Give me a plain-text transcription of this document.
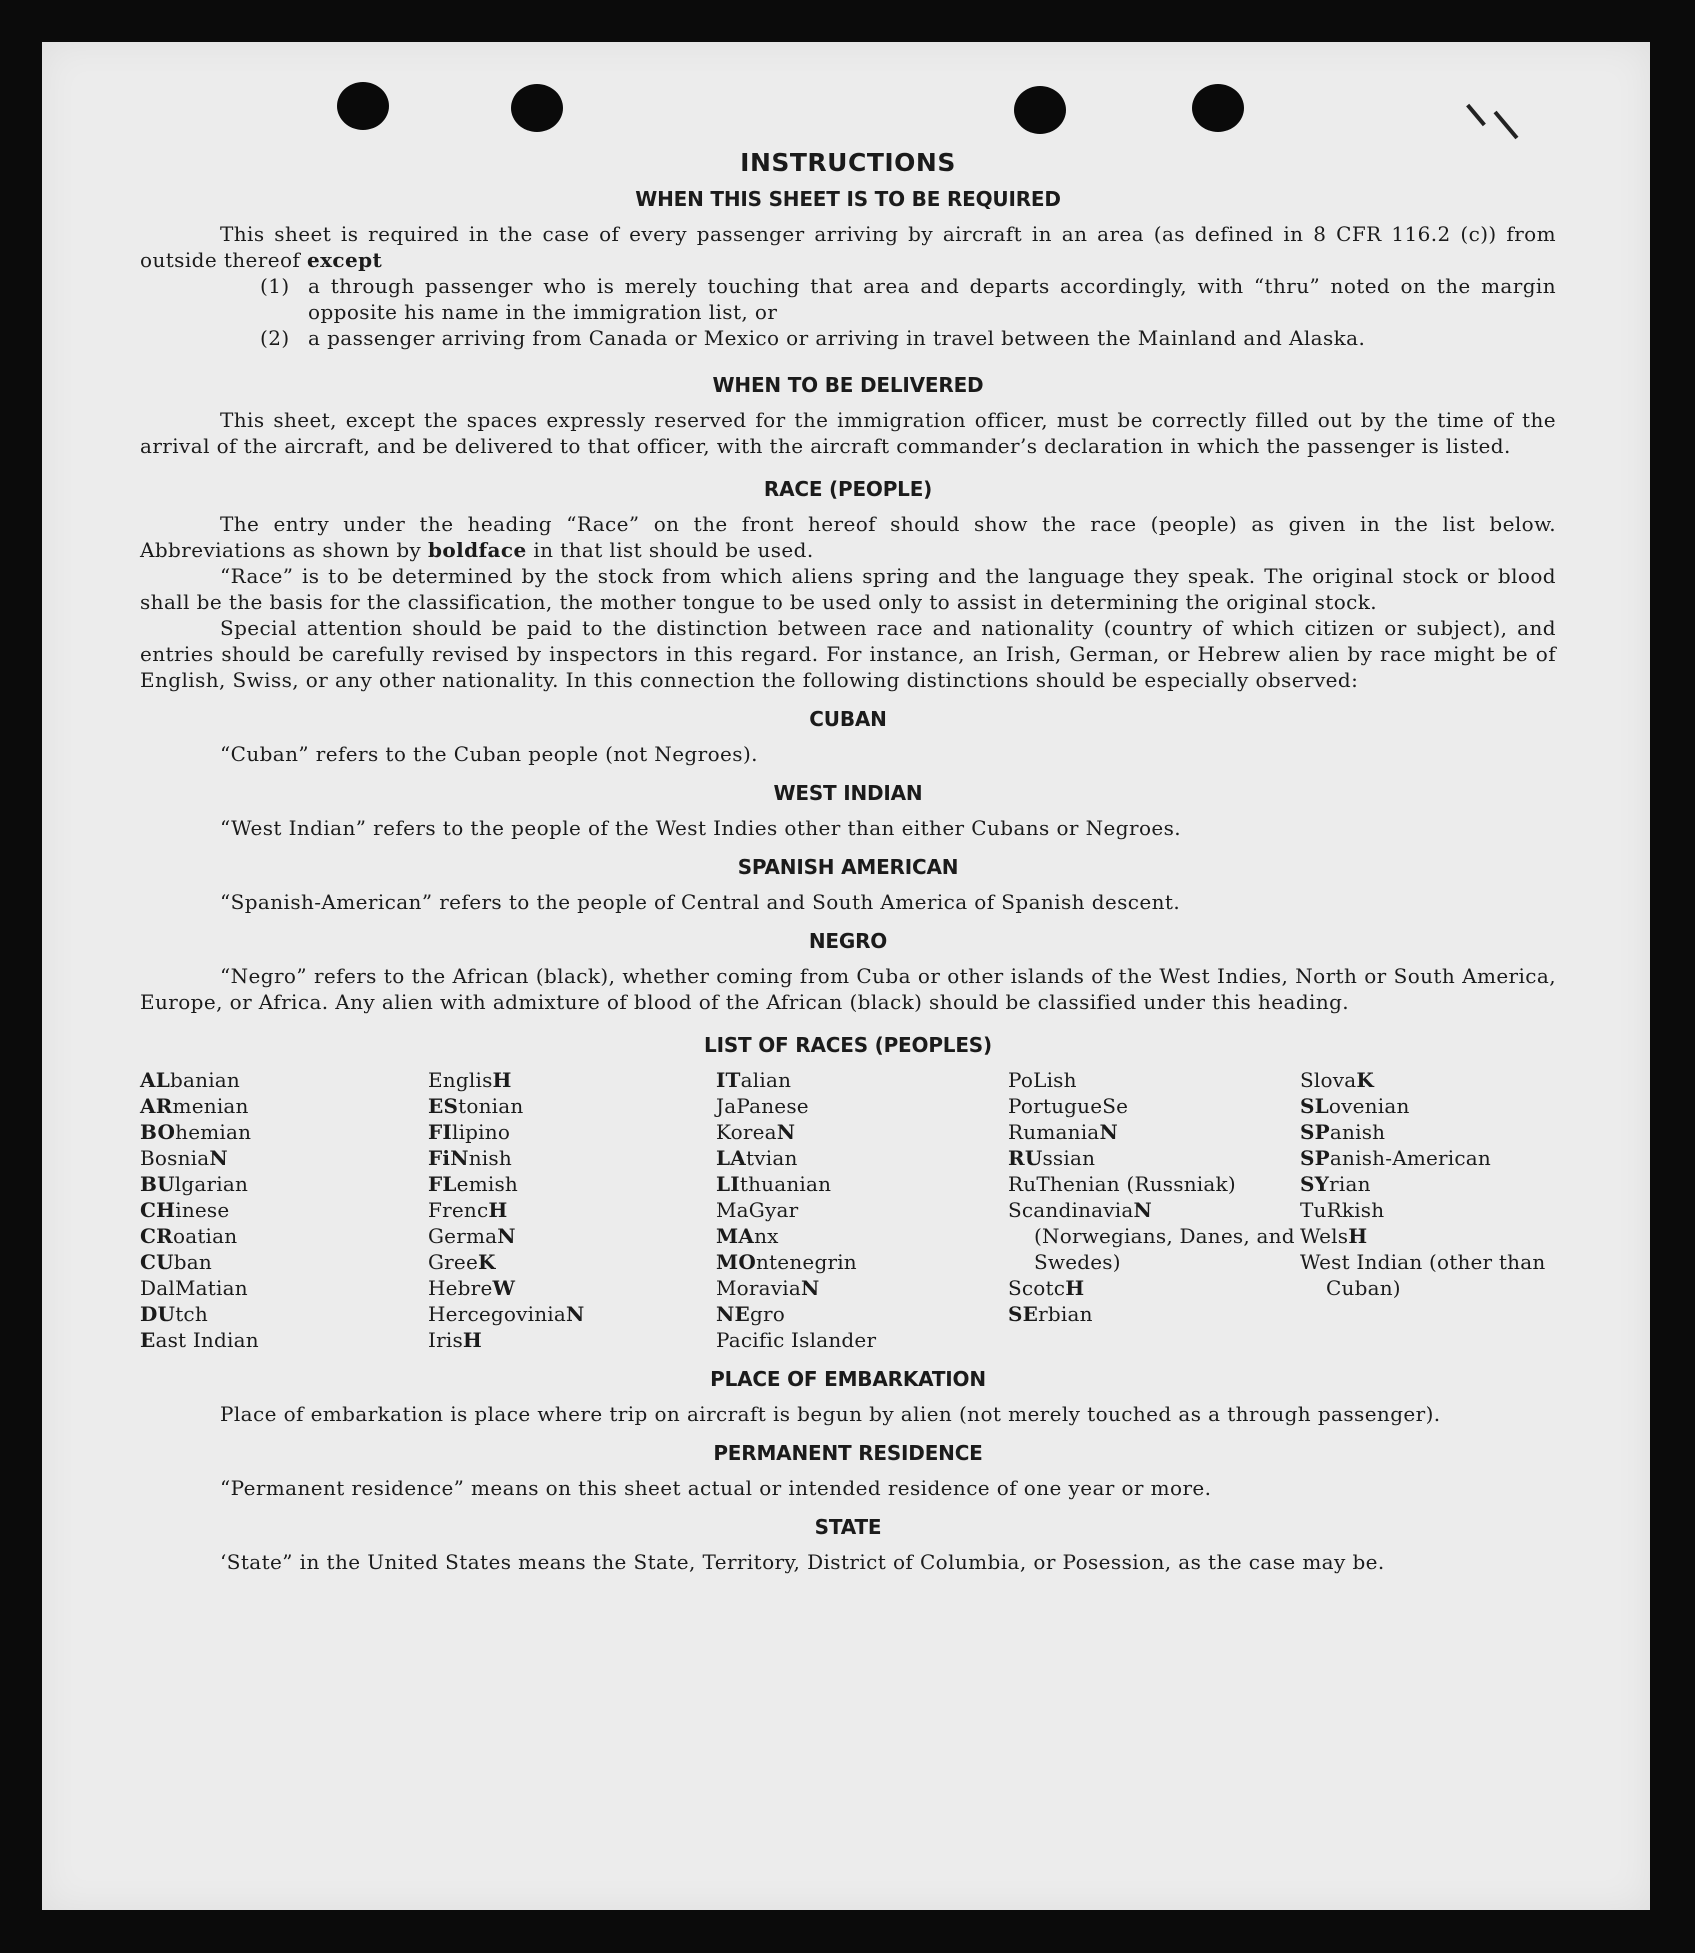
INSTRUCTIONS
WHEN THIS SHEET IS TO BE REQUIRED

This sheet is required in the case of every passenger arriving by aircraft in an area (as defined in 8 CFR 116.2 (c)) from outside thereof except

(1) a through passenger who is merely touching that area and departs accordingly, with “thru” noted on the margin opposite his name in the immigration list, or
(2) a passenger arriving from Canada or Mexico or arriving in travel between the Mainland and Alaska.
WHEN TO BE DELIVERED

This sheet, except the spaces expressly reserved for the immigration officer, must be correctly filled out by the time of the arrival of the aircraft, and be delivered to that officer, with the aircraft commander’s declaration in which the passenger is listed.

RACE (PEOPLE)

The entry under the heading “Race” on the front hereof should show the race (people) as given in the list below. Abbreviations as shown by boldface in that list should be used.

“Race” is to be determined by the stock from which aliens spring and the language they speak. The original stock or blood shall be the basis for the classification, the mother tongue to be used only to assist in determining the original stock.

Special attention should be paid to the distinction between race and nationality (country of which citizen or subject), and entries should be carefully revised by inspectors in this regard. For instance, an Irish, German, or Hebrew alien by race might be of English, Swiss, or any other nationality. In this connection the following distinctions should be especially observed:

CUBAN

“Cuban” refers to the Cuban people (not Negroes).

WEST INDIAN

“West Indian” refers to the people of the West Indies other than either Cubans or Negroes.

SPANISH AMERICAN

“Spanish-American” refers to the people of Central and South America of Spanish descent.

NEGRO

“Negro” refers to the African (black), whether coming from Cuba or other islands of the West Indies, North or South America, Europe, or Africa. Any alien with admixture of blood of the African (black) should be classified under this heading.

LIST OF RACES (PEOPLES)
ALbanian
ARmenian
BOhemian
BosniaN
BUlgarian
CHinese
CRoatian
CUban
DalMatian
DUtch
East Indian
EnglisH
EStonian
FIlipino
FiNnish
FLemish
FrencH
GermaN
GreeK
HebreW
HercegoviniaN
IrisH
ITalian
JaPanese
KoreaN
LAtvian
LIthuanian
MaGyar
MAnx
MOntenegrin
MoraviaN
NEgro
Pacific Islander
PoLish
PortugueSe
RumaniaN
RUssian
RuThenian (Russniak)
ScandinaviaN (Norwegians, Danes, and Swedes)
ScotcH
SErbian
SlovaK
SLovenian
SPanish
SPanish-American
SYrian
TuRkish
WelsH
West Indian (other than Cuban)
PLACE OF EMBARKATION

Place of embarkation is place where trip on aircraft is begun by alien (not merely touched as a through passenger).

PERMANENT RESIDENCE

“Permanent residence” means on this sheet actual or intended residence of one year or more.

STATE

‘State” in the United States means the State, Territory, District of Columbia, or Posession, as the case may be.
